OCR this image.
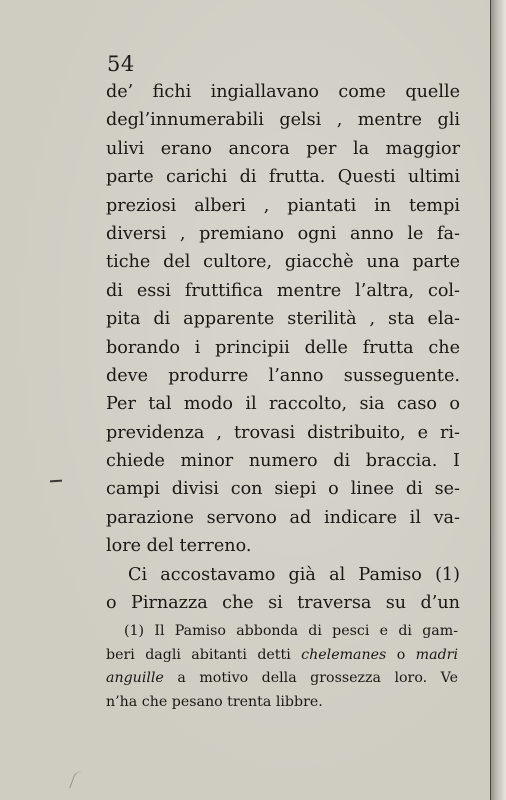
54
de’ fichi ingiallavano come quelle
degl’innumerabili gelsi , mentre gli
ulivi erano ancora per la maggior
parte carichi di frutta. Questi ultimi
preziosi alberi , piantati in tempi
diversi , premiano ogni anno le fa-
tiche del cultore, giacchè una parte
di essi fruttifica mentre l’altra, col-
pita di apparente sterilità , sta ela-
borando i principii delle frutta che
deve produrre l’anno susseguente.
Per tal modo il raccolto, sia caso o
previdenza , trovasi distribuito, e ri-
chiede minor numero di braccia. I
campi divisi con siepi o linee di se-
parazione servono ad indicare il va-
lore del terreno.
Ci accostavamo già al Pamiso (1)
o Pirnazza che si traversa su d’un
(1) Il Pamiso abbonda di pesci e di gam-
beri dagli abitanti detti chelemanes o madri
anguille a motivo della grossezza loro. Ve
n’ha che pesano trenta libbre.
